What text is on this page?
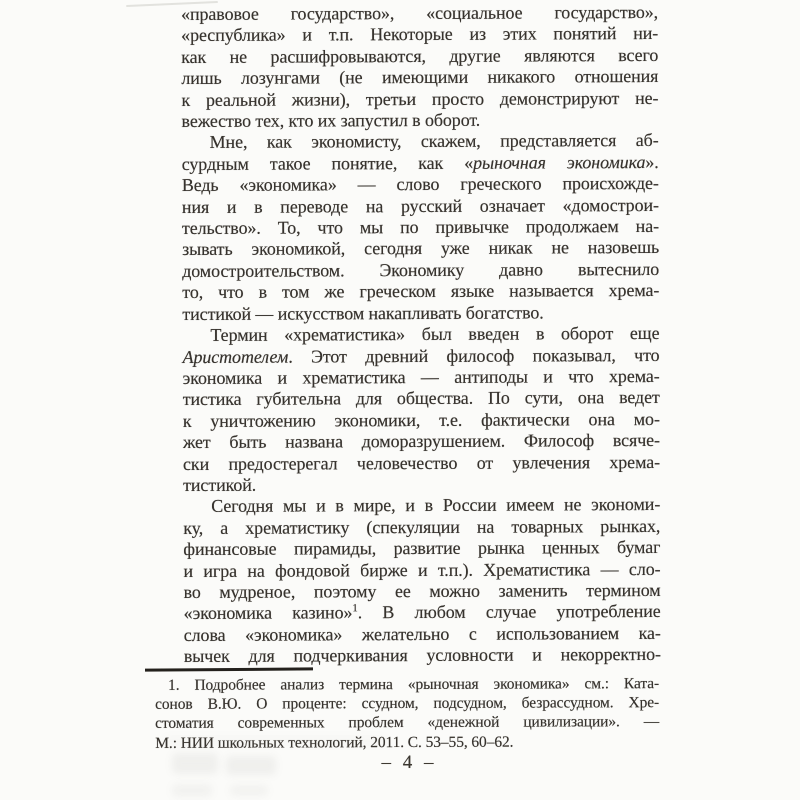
«правовое государство», «социальное государство»,
«республика» и т.п. Некоторые из этих понятий ни-
как не расшифровываются, другие являются всего
лишь лозунгами (не имеющими никакого отношения
к реальной жизни), третьи просто демонстрируют не-
вежество тех, кто их запустил в оборот.
Мне, как экономисту, скажем, представляется аб-
сурдным такое понятие, как «рыночная экономика».
Ведь «экономика» — слово греческого происхожде-
ния и в переводе на русский означает «домострои-
тельство». То, что мы по привычке продолжаем на-
зывать экономикой, сегодня уже никак не назовешь
домостроительством. Экономику давно вытеснило
то, что в том же греческом языке называется хрема-
тистикой — искусством накапливать богатство.
Термин «хрематистика» был введен в оборот еще
Аристотелем. Этот древний философ показывал, что
экономика и хрематистика — антиподы и что хрема-
тистика губительна для общества. По сути, она ведет
к уничтожению экономики, т.е. фактически она мо-
жет быть названа доморазрушением. Философ всяче-
ски предостерегал человечество от увлечения хрема-
тистикой.
Сегодня мы и в мире, и в России имеем не экономи-
ку, а хрематистику (спекуляции на товарных рынках,
финансовые пирамиды, развитие рынка ценных бумаг
и игра на фондовой бирже и т.п.). Хрематистика — сло-
во мудреное, поэтому ее можно заменить термином
«экономика казино»$^1$. В любом случае употребление
слова «экономика» желательно с использованием ка-
вычек для подчеркивания условности и некорректно-
1. Подробнее анализ термина «рыночная экономика» см.: Ката-
сонов В.Ю. О проценте: ссудном, подсудном, безрассудном. Хре-
стоматия современных проблем «денежной цивилизации». —
М.: НИИ школьных технологий, 2011. С. 53–55, 60–62.
– 4 –
